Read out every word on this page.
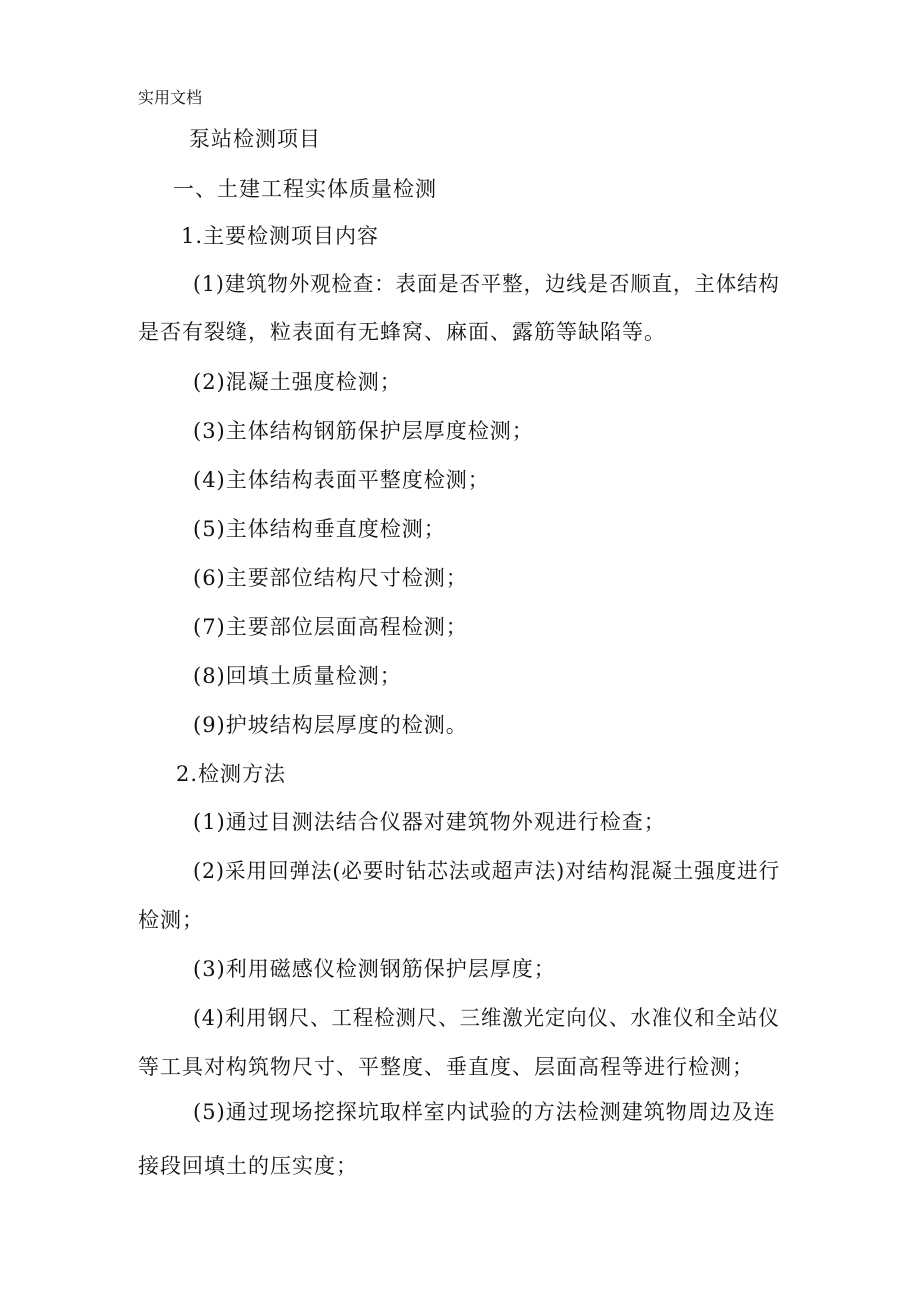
实用文档
泵站检测项目
一、土建工程实体质量检测
1.主要检测项目内容
(1)建筑物外观检查：表面是否平整，边线是否顺直，主体结构
是否有裂缝，粒表面有无蜂窝、麻面、露筋等缺陷等。
(2)混凝土强度检测；
(3)主体结构钢筋保护层厚度检测；
(4)主体结构表面平整度检测；
(5)主体结构垂直度检测；
(6)主要部位结构尺寸检测；
(7)主要部位层面高程检测；
(8)回填土质量检测；
(9)护坡结构层厚度的检测。
2.检测方法
(1)通过目测法结合仪器对建筑物外观进行检查；
(2)采用回弹法(必要时钻芯法或超声法)对结构混凝土强度进行
检测；
(3)利用磁感仪检测钢筋保护层厚度；
(4)利用钢尺、工程检测尺、三维激光定向仪、水准仪和全站仪
等工具对构筑物尺寸、平整度、垂直度、层面高程等进行检测；
(5)通过现场挖探坑取样室内试验的方法检测建筑物周边及连
接段回填土的压实度；
